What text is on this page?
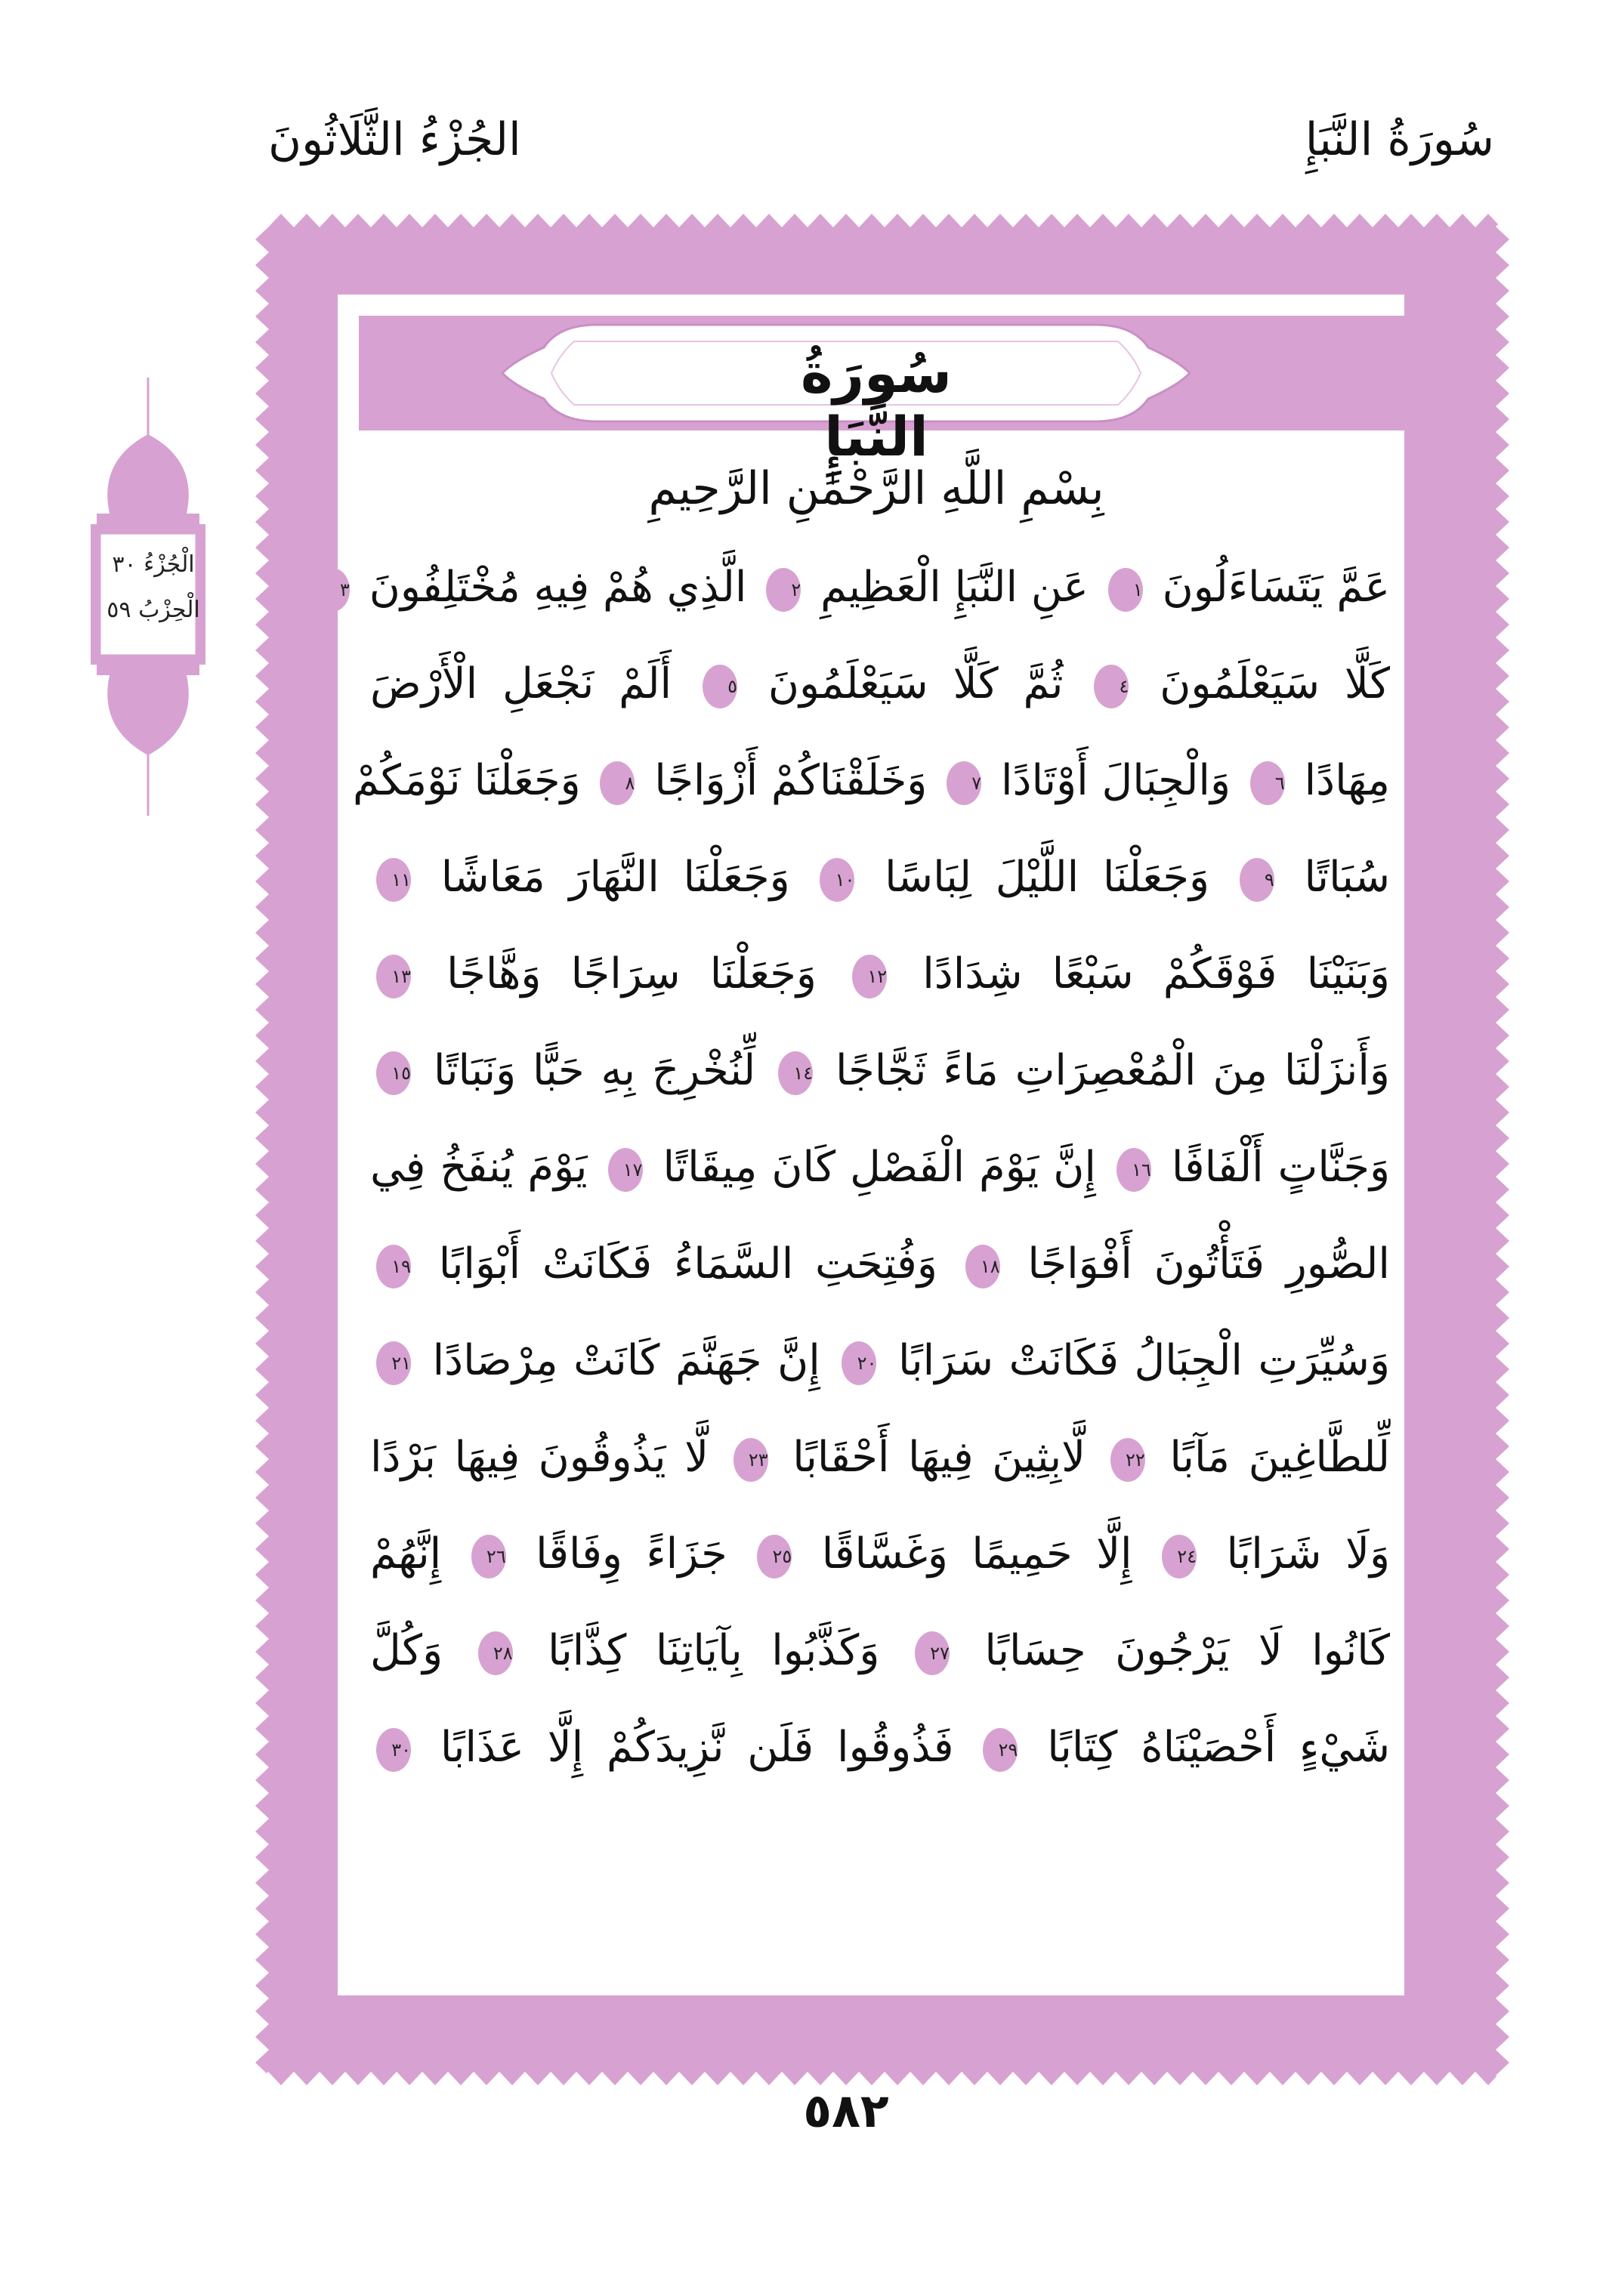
سُورَةُ النَّبَإِ
الجُزْءُ الثَّلَاثُونَ
سُورَةُ النَّبَإِ
بِسْمِ اللَّهِ الرَّحْمَٰنِ الرَّحِيمِ
عَمَّ يَتَسَاءَلُونَ ١ عَنِ النَّبَإِ الْعَظِيمِ ٢ الَّذِي هُمْ فِيهِ مُخْتَلِفُونَ ٣
كَلَّا سَيَعْلَمُونَ ٤ ثُمَّ كَلَّا سَيَعْلَمُونَ ٥ أَلَمْ نَجْعَلِ الْأَرْضَ
مِهَادًا ٦ وَالْجِبَالَ أَوْتَادًا ٧ وَخَلَقْنَاكُمْ أَزْوَاجًا ٨ وَجَعَلْنَا نَوْمَكُمْ
سُبَاتًا ٩ وَجَعَلْنَا اللَّيْلَ لِبَاسًا ١٠ وَجَعَلْنَا النَّهَارَ مَعَاشًا ١١
وَبَنَيْنَا فَوْقَكُمْ سَبْعًا شِدَادًا ١٢ وَجَعَلْنَا سِرَاجًا وَهَّاجًا ١٣
وَأَنزَلْنَا مِنَ الْمُعْصِرَاتِ مَاءً ثَجَّاجًا ١٤ لِّنُخْرِجَ بِهِ حَبًّا وَنَبَاتًا ١٥
وَجَنَّاتٍ أَلْفَافًا ١٦ إِنَّ يَوْمَ الْفَصْلِ كَانَ مِيقَاتًا ١٧ يَوْمَ يُنفَخُ فِي
الصُّورِ فَتَأْتُونَ أَفْوَاجًا ١٨ وَفُتِحَتِ السَّمَاءُ فَكَانَتْ أَبْوَابًا ١٩
وَسُيِّرَتِ الْجِبَالُ فَكَانَتْ سَرَابًا ٢٠ إِنَّ جَهَنَّمَ كَانَتْ مِرْصَادًا ٢١
لِّلطَّاغِينَ مَآبًا ٢٢ لَّابِثِينَ فِيهَا أَحْقَابًا ٢٣ لَّا يَذُوقُونَ فِيهَا بَرْدًا
وَلَا شَرَابًا ٢٤ إِلَّا حَمِيمًا وَغَسَّاقًا ٢٥ جَزَاءً وِفَاقًا ٢٦ إِنَّهُمْ
كَانُوا لَا يَرْجُونَ حِسَابًا ٢٧ وَكَذَّبُوا بِآيَاتِنَا كِذَّابًا ٢٨ وَكُلَّ
شَيْءٍ أَحْصَيْنَاهُ كِتَابًا ٢٩ فَذُوقُوا فَلَن نَّزِيدَكُمْ إِلَّا عَذَابًا ٣٠
الْجُزْءُ ٣٠
الْحِزْبُ ٥٩
٥٨٢
